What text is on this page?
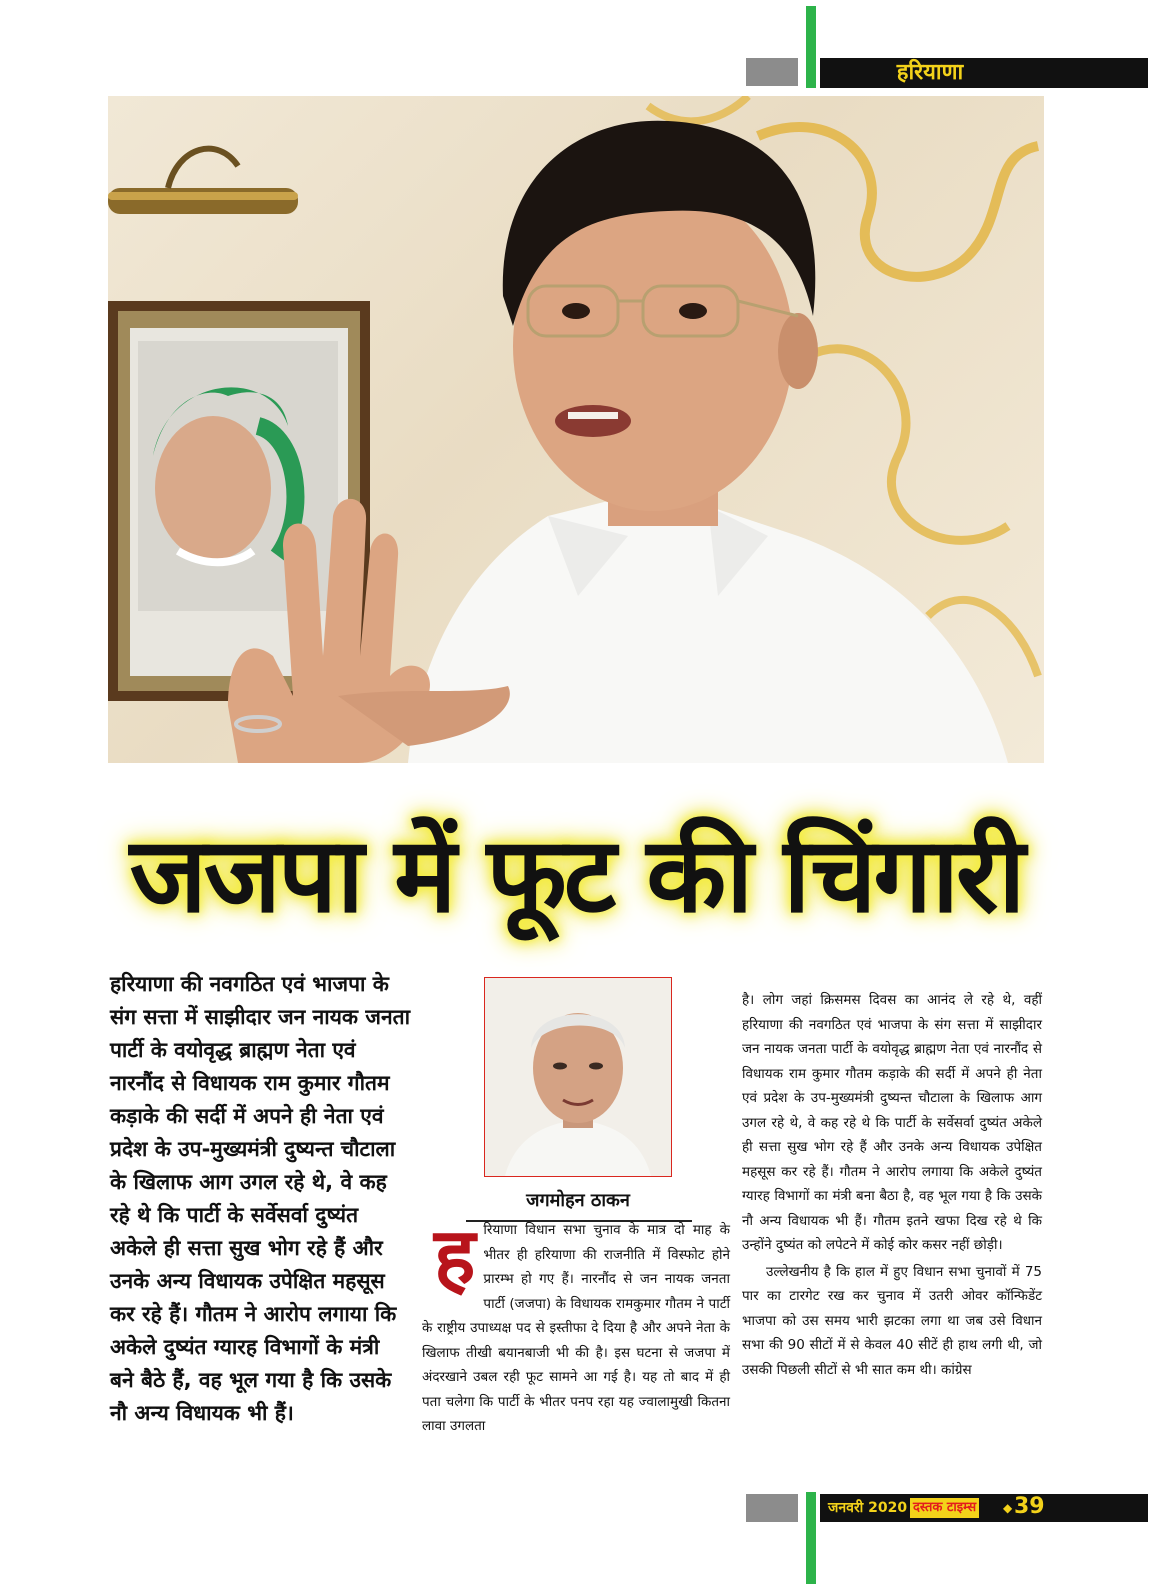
हरियाणा
जजपा में फूट की चिंगारी
हरियाणा की नवगठित एवं भाजपा के संग सत्ता में साझीदार जन नायक जनता पार्टी के वयोवृद्ध ब्राह्मण नेता एवं नारनौंद से विधायक राम कुमार गौतम कड़ाके की सर्दी में अपने ही नेता एवं प्रदेश के उप-मुख्यमंत्री दुष्यन्त चौटाला के खिलाफ आग उगल रहे थे, वे कह रहे थे कि पार्टी के सर्वेसर्वा दुष्यंत अकेले ही सत्ता सुख भोग रहे हैं और उनके अन्य विधायक उपेक्षित महसूस कर रहे हैं। गौतम ने आरोप लगाया कि अकेले दुष्यंत ग्यारह विभागों के मंत्री बने बैठे हैं, वह भूल गया है कि उसके नौ अन्य विधायक भी हैं।
जगमोहन ठाकन
ह रियाणा विधान सभा चुनाव के मात्र दो माह के भीतर ही हरियाणा की राजनीति में विस्फोट होने प्रारम्भ हो गए हैं। नारनौंद से जन नायक जनता पार्टी (जजपा) के विधायक रामकुमार गौतम ने पार्टी के राष्ट्रीय उपाध्यक्ष पद से इस्तीफा दे दिया है और अपने नेता के खिलाफ तीखी बयानबाजी भी की है। इस घटना से जजपा में अंदरखाने उबल रही फूट सामने आ गई है। यह तो बाद में ही पता चलेगा कि पार्टी के भीतर पनप रहा यह ज्वालामुखी कितना लावा उगलता

है। लोग जहां क्रिसमस दिवस का आनंद ले रहे थे, वहीं हरियाणा की नवगठित एवं भाजपा के संग सत्ता में साझीदार जन नायक जनता पार्टी के वयोवृद्ध ब्राह्मण नेता एवं नारनौंद से विधायक राम कुमार गौतम कड़ाके की सर्दी में अपने ही नेता एवं प्रदेश के उप-मुख्यमंत्री दुष्यन्त चौटाला के खिलाफ आग उगल रहे थे, वे कह रहे थे कि पार्टी के सर्वेसर्वा दुष्यंत अकेले ही सत्ता सुख भोग रहे हैं और उनके अन्य विधायक उपेक्षित महसूस कर रहे हैं। गौतम ने आरोप लगाया कि अकेले दुष्यंत ग्यारह विभागों का मंत्री बना बैठा है, वह भूल गया है कि उसके नौ अन्य विधायक भी हैं। गौतम इतने खफा दिख रहे थे कि उन्होंने दुष्यंत को लपेटने में कोई कोर कसर नहीं छोड़ी।

उल्लेखनीय है कि हाल में हुए विधान सभा चुनावों में 75 पार का टारगेट रख कर चुनाव में उतरी ओवर कॉन्फिडेंट भाजपा को उस समय भारी झटका लगा था जब उसे विधान सभा की 90 सीटों में से केवल 40 सीटें ही हाथ लगी थी, जो उसकी पिछली सीटों से भी सात कम थी। कांग्रेस

जनवरी 2020 दस्तक टाइम्स ◆ 39
